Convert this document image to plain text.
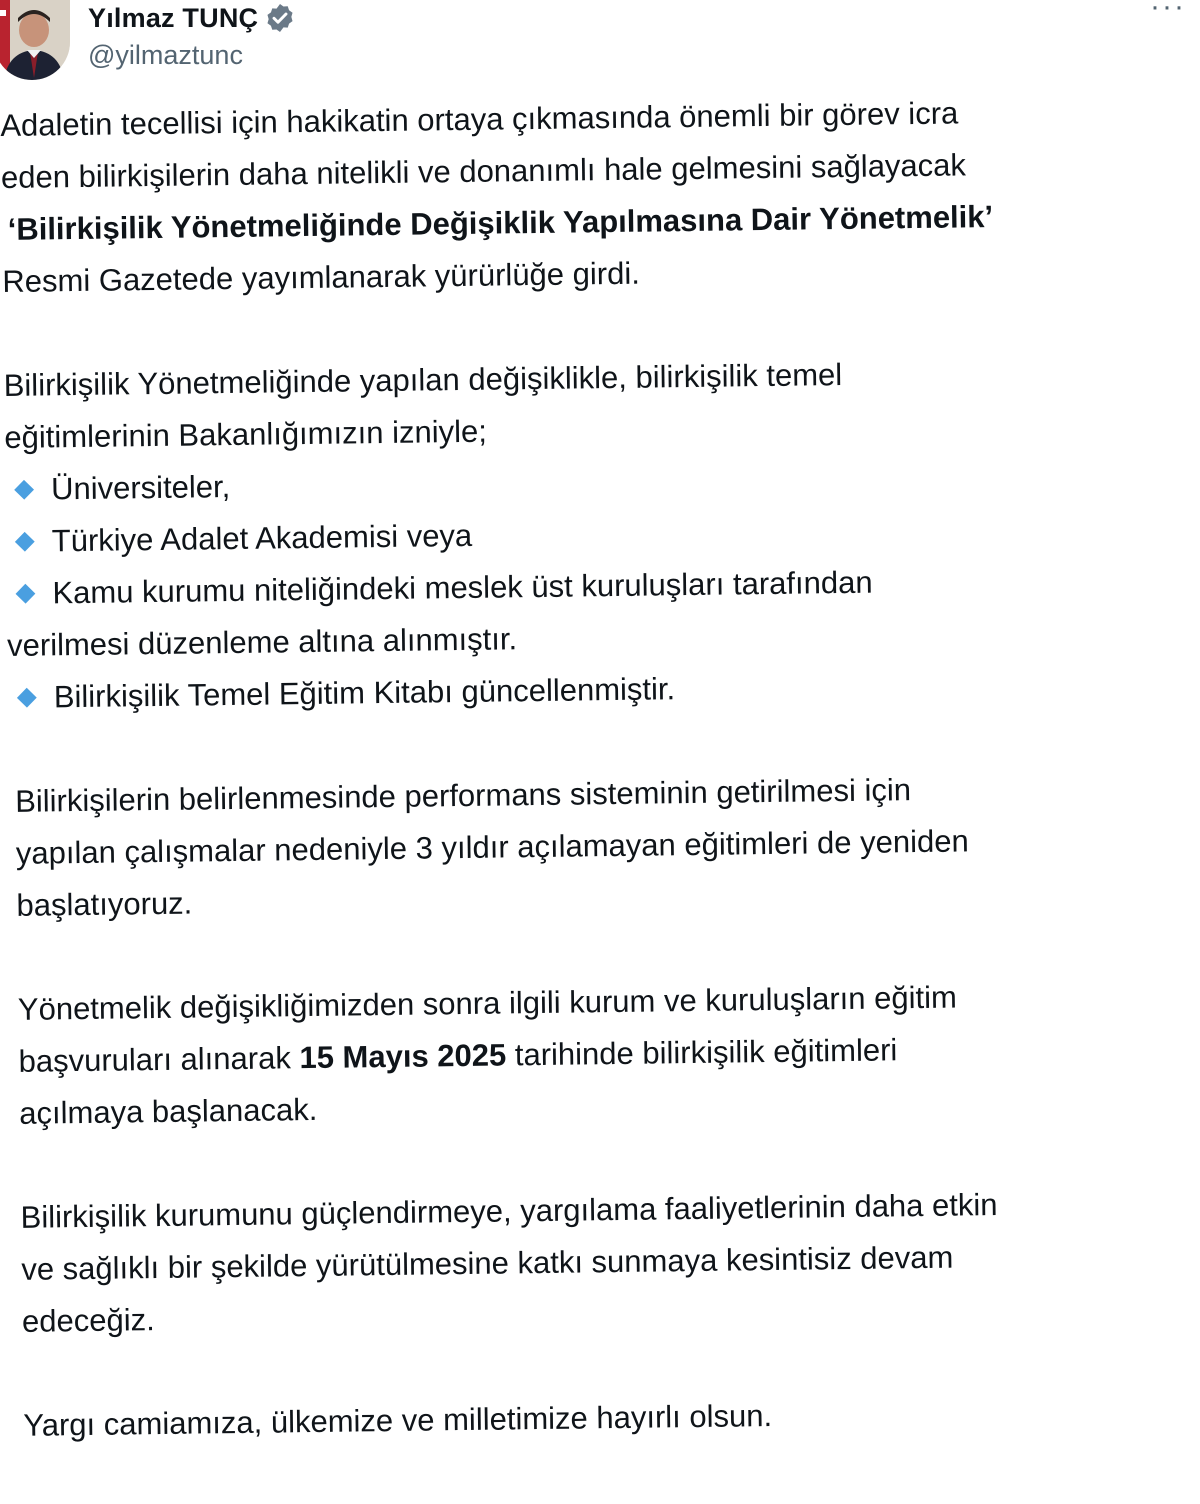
Yılmaz TUNÇ
@yilmaztunc
···
Adaletin tecellisi için hakikatin ortaya çıkmasında önemli bir görev icra
eden bilirkişilerin daha nitelikli ve donanımlı hale gelmesini sağlayacak
‘Bilirkişilik Yönetmeliğinde Değişiklik Yapılmasına Dair Yönetmelik’
Resmi Gazetede yayımlanarak yürürlüğe girdi.
Bilirkişilik Yönetmeliğinde yapılan değişiklikle, bilirkişilik temel
eğitimlerinin Bakanlığımızın izniyle;
Üniversiteler,
Türkiye Adalet Akademisi veya
Kamu kurumu niteliğindeki meslek üst kuruluşları tarafından
verilmesi düzenleme altına alınmıştır.
Bilirkişilik Temel Eğitim Kitabı güncellenmiştir.
Bilirkişilerin belirlenmesinde performans sisteminin getirilmesi için
yapılan çalışmalar nedeniyle 3 yıldır açılamayan eğitimleri de yeniden
başlatıyoruz.
Yönetmelik değişikliğimizden sonra ilgili kurum ve kuruluşların eğitim
başvuruları alınarak 15 Mayıs 2025 tarihinde bilirkişilik eğitimleri
açılmaya başlanacak.
Bilirkişilik kurumunu güçlendirmeye, yargılama faaliyetlerinin daha etkin
ve sağlıklı bir şekilde yürütülmesine katkı sunmaya kesintisiz devam
edeceğiz.
Yargı camiamıza, ülkemize ve milletimize hayırlı olsun.
